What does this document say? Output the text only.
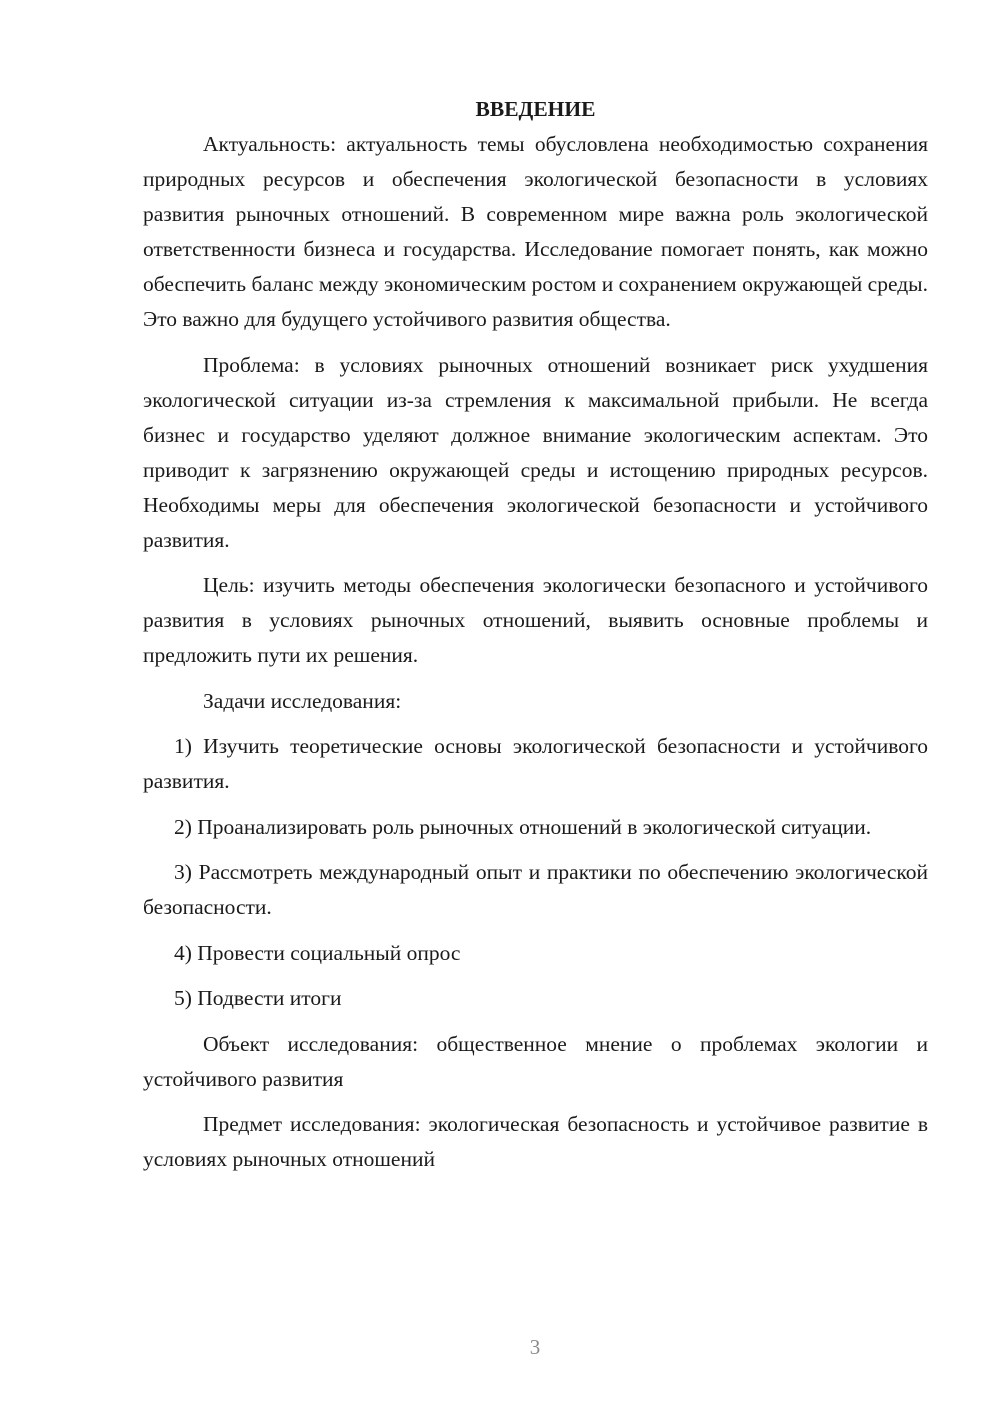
ВВЕДЕНИЕ

Актуальность: актуальность темы обусловлена необходимостью сохранения природных ресурсов и обеспечения экологической безопасности в условиях развития рыночных отношений. В современном мире важна роль экологической ответственности бизнеса и государства. Исследование помогает понять, как можно обеспечить баланс между экономическим ростом и сохранением окружающей среды. Это важно для будущего устойчивого развития общества.

Проблема: в условиях рыночных отношений возникает риск ухудшения экологической ситуации из-за стремления к максимальной прибыли. Не всегда бизнес и государство уделяют должное внимание экологическим аспектам. Это приводит к загрязнению окружающей среды и истощению природных ресурсов. Необходимы меры для обеспечения экологической безопасности и устойчивого развития.

Цель: изучить методы обеспечения экологически безопасного и устойчивого развития в условиях рыночных отношений, выявить основные проблемы и предложить пути их решения.

Задачи исследования:

1) Изучить теоретические основы экологической безопасности и устойчивого развития.

2) Проанализировать роль рыночных отношений в экологической ситуации.

3) Рассмотреть международный опыт и практики по обеспечению экологической безопасности.

4) Провести социальный опрос

5) Подвести итоги

Объект исследования: общественное мнение о проблемах экологии и устойчивого развития

Предмет исследования: экологическая безопасность и устойчивое развитие в условиях рыночных отношений

3
